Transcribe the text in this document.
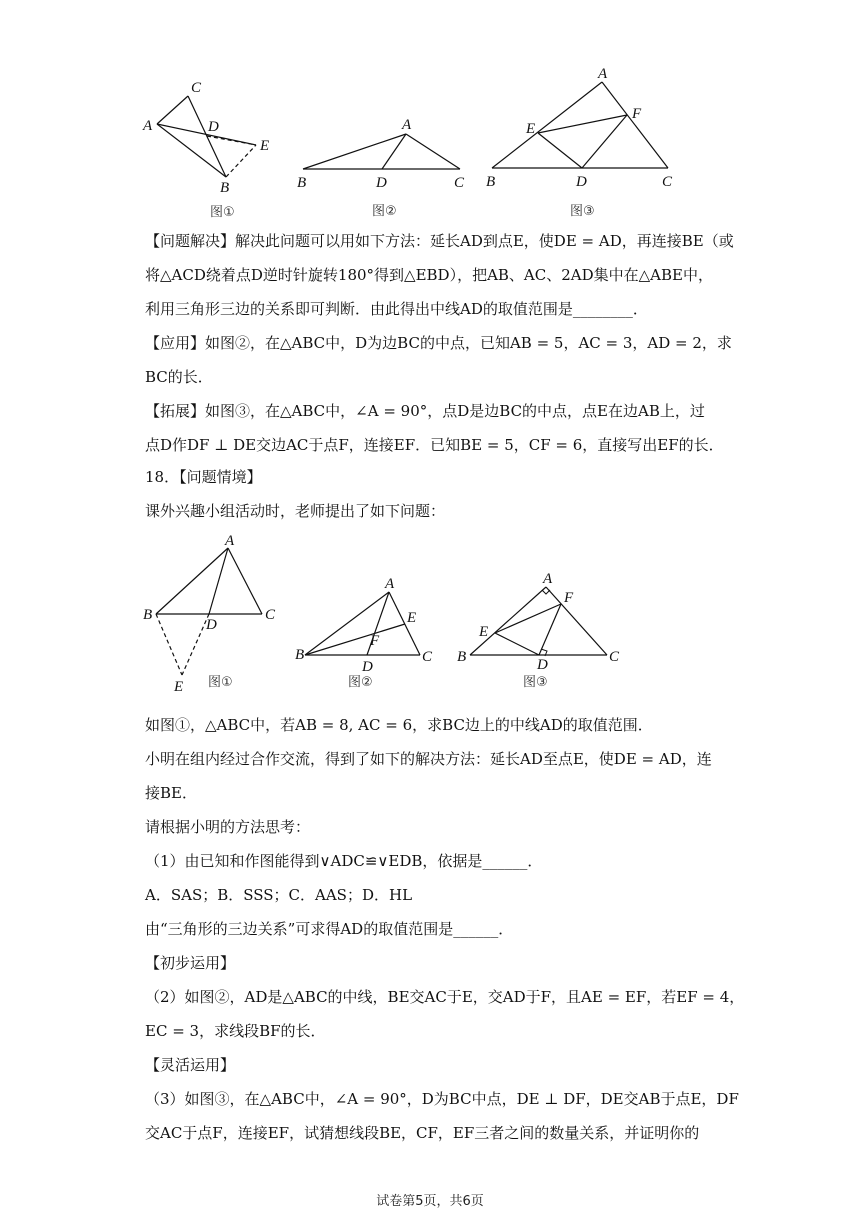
C
A	D
E
B
图①
A
B	D	C
图②
A
E
F
B	D	C
图③
【问题解决】解决此问题可以用如下方法：延长AD到点E，使DE = AD，再连接BE（或
将△ACD绕着点D逆时针旋转180°得到△EBD），把AB、AC、2AD集中在△ABE中，
利用三角形三边的关系即可判断．由此得出中线AD的取值范围是________．
【应用】如图②，在△ABC中，D为边BC的中点，已知AB = 5，AC = 3，AD = 2，求
BC的长．
【拓展】如图③，在△ABC中，∠A = 90°，点D是边BC的中点，点E在边AB上，过
点D作DF ⊥ DE交边AC于点F，连接EF．已知BE = 5，CF = 6，直接写出EF的长．
18．【问题情境】
课外兴趣小组活动时，老师提出了如下问题：
A
B
D
C
E 图①
A
E
F
B
D
C
图②
A
F
E
B	D	C
图③
如图①，△ABC中，若AB = 8, AC = 6，求BC边上的中线AD的取值范围．
小明在组内经过合作交流，得到了如下的解决方法：延长AD至点E，使DE = AD，连
接BE．
请根据小明的方法思考：
（1）由已知和作图能得到∨ADC≌∨EDB，依据是______．
A．SAS；B．SSS；C．AAS；D．HL
由“三角形的三边关系”可求得AD的取值范围是______．
【初步运用】
（2）如图②，AD是△ABC的中线，BE交AC于E，交AD于F，且AE = EF，若EF = 4，
EC = 3，求线段BF的长．
【灵活运用】
（3）如图③，在△ABC中，∠A = 90°，D为BC中点，DE ⊥ DF，DE交AB于点E，DF
交AC于点F，连接EF，试猜想线段BE，CF，EF三者之间的数量关系，并证明你的
试卷第5页，共6页
